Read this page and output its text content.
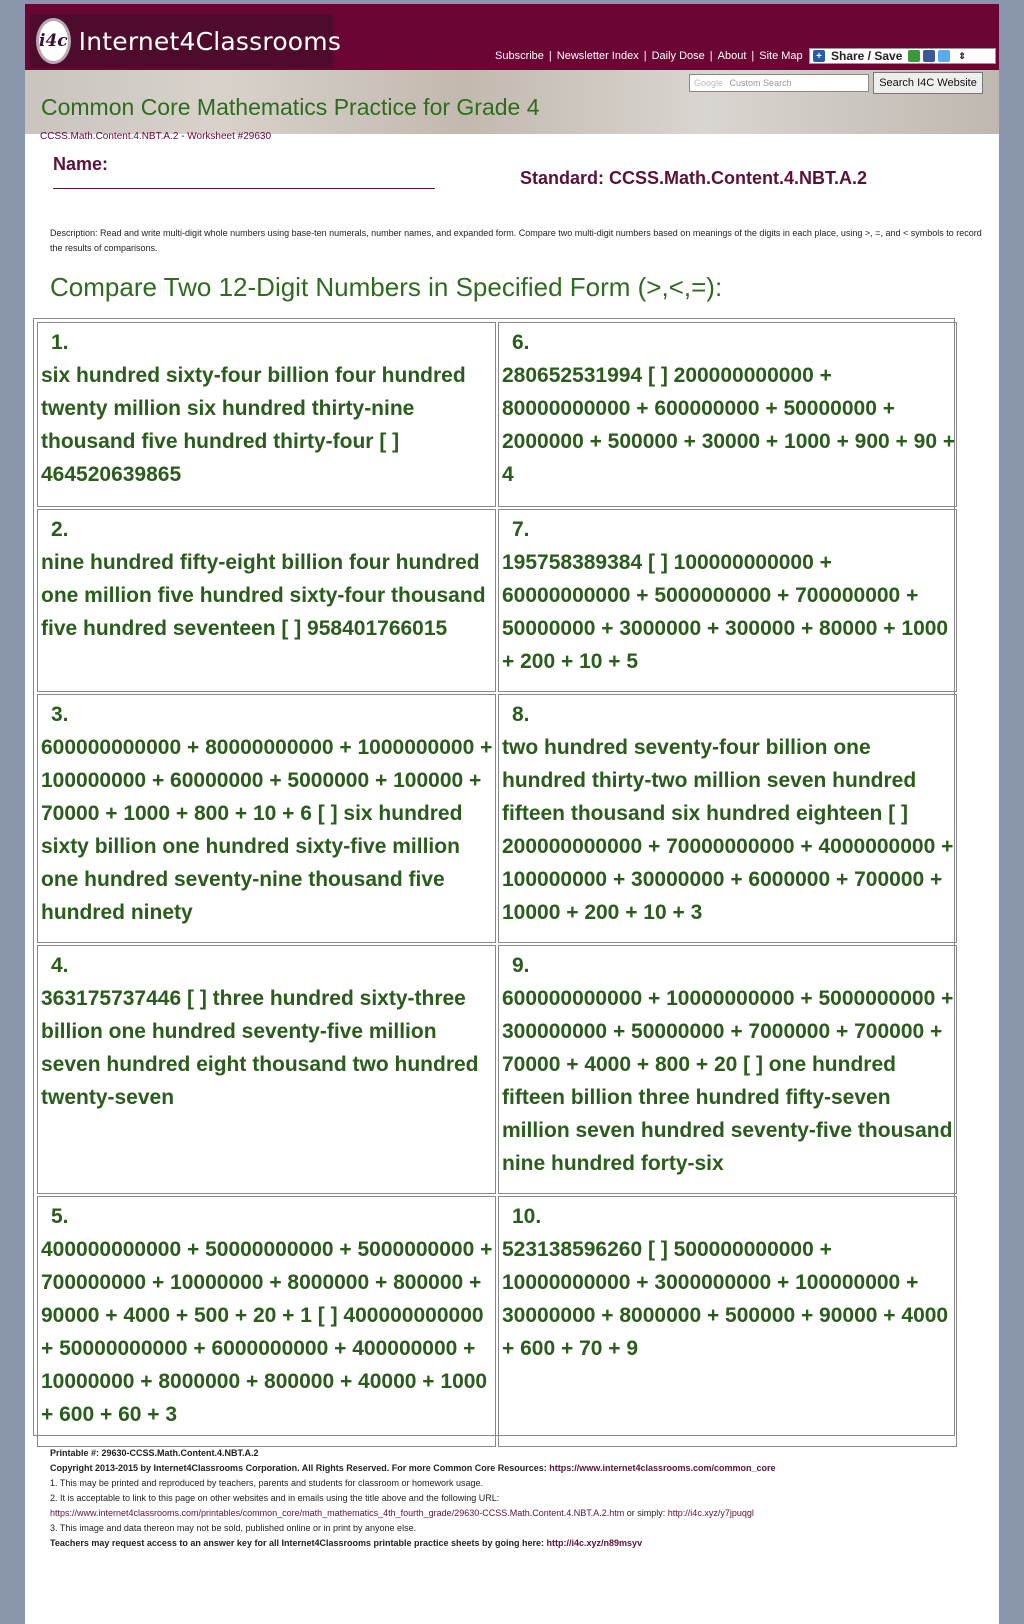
i4c Internet4Classrooms
Subscribe | Newsletter Index | Daily Dose | About | Site Map	+ Share / Save	⇕
Google Custom Search	Search I4C Website
Common Core Mathematics Practice for Grade 4
CCSS.Math.Content.4.NBT.A.2 - Worksheet #29630
Name:
Standard: CCSS.Math.Content.4.NBT.A.2
Description: Read and write multi-digit whole numbers using base-ten numerals, number names, and expanded form. Compare two multi-digit numbers based on meanings of the digits in each place, using >, =, and < symbols to record the results of comparisons.
Compare Two 12-Digit Numbers in Specified Form (>,<,=):
1.
six hundred sixty-four billion four hundred twenty million six hundred thirty-nine thousand five hundred thirty-four [ ] 464520639865
6.
280652531994 [ ] 200000000000 + 80000000000 + 600000000 + 50000000 + 2000000 + 500000 + 30000 + 1000 + 900 + 90 + 4
2.
nine hundred fifty-eight billion four hundred one million five hundred sixty-four thousand five hundred seventeen [ ] 958401766015
7.
195758389384 [ ] 100000000000 + 60000000000 + 5000000000 + 700000000 + 50000000 + 3000000 + 300000 + 80000 + 1000 + 200 + 10 + 5
3.
600000000000 + 80000000000 + 1000000000 + 100000000 + 60000000 + 5000000 + 100000 + 70000 + 1000 + 800 + 10 + 6 [ ] six hundred sixty billion one hundred sixty-five million one hundred seventy-nine thousand five hundred ninety
8.
two hundred seventy-four billion one hundred thirty-two million seven hundred fifteen thousand six hundred eighteen [ ] 200000000000 + 70000000000 + 4000000000 + 100000000 + 30000000 + 6000000 + 700000 + 10000 + 200 + 10 + 3
4.
363175737446 [ ] three hundred sixty-three billion one hundred seventy-five million seven hundred eight thousand two hundred twenty-seven
9.
600000000000 + 10000000000 + 5000000000 + 300000000 + 50000000 + 7000000 + 700000 + 70000 + 4000 + 800 + 20 [ ] one hundred fifteen billion three hundred fifty-seven million seven hundred seventy-five thousand nine hundred forty-six
5.
400000000000 + 50000000000 + 5000000000 + 700000000 + 10000000 + 8000000 + 800000 + 90000 + 4000 + 500 + 20 + 1 [ ] 400000000000 + 50000000000 + 6000000000 + 400000000 + 10000000 + 8000000 + 800000 + 40000 + 1000 + 600 + 60 + 3
10.
523138596260 [ ] 500000000000 + 10000000000 + 3000000000 + 100000000 + 30000000 + 8000000 + 500000 + 90000 + 4000 + 600 + 70 + 9
Printable #: 29630-CCSS.Math.Content.4.NBT.A.2
Copyright 2013-2015 by Internet4Classrooms Corporation. All Rights Reserved. For more Common Core Resources: https://www.internet4classrooms.com/common_core
1. This may be printed and reproduced by teachers, parents and students for classroom or homework usage.
2. It is acceptable to link to this page on other websites and in emails using the title above and the following URL:
https://www.internet4classrooms.com/printables/common_core/math_mathematics_4th_fourth_grade/29630-CCSS.Math.Content.4.NBT.A.2.htm or simply: http://i4c.xyz/y7jpuqgl
3. This image and data thereon may not be sold, published online or in print by anyone else.
Teachers may request access to an answer key for all Internet4Classrooms printable practice sheets by going here: http://i4c.xyz/n89msyv
